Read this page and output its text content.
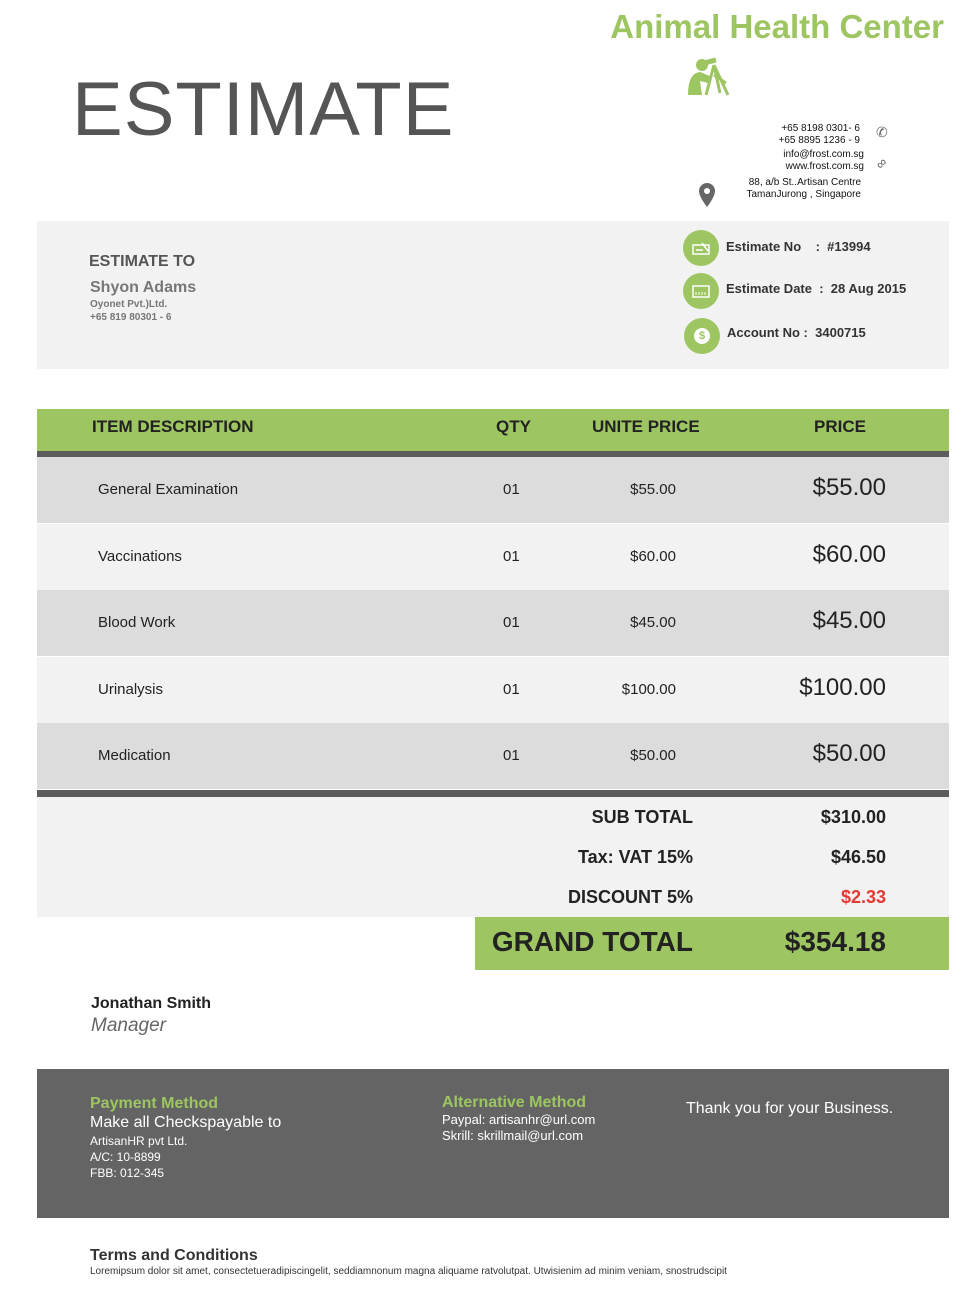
Animal Health Center
ESTIMATE	+65 8198 0301- 6
+65 8895 1236 - 9
✆
info@frost.com.sg
www.frost.com.sg ∞
88, a/b St..Artisan Centre
TamanJurong , Singapore
ESTIMATE TO
Shyon Adams
Oyonet Pvt.)Ltd.
+65 819 80301 - 6
Estimate No : #13994
Estimate Date : 28 Aug 2015
$	Account No : 3400715
ITEM DESCRIPTION	QTY	UNITE PRICE	PRICE
General Examination	01	$55.00	$55.00
Vaccinations	01	$60.00	$60.00
Blood Work	01	$45.00	$45.00
Urinalysis	01	$100.00	$100.00
Medication	01	$50.00	$50.00
SUB TOTAL	$310.00
Tax: VAT 15%	$46.50
DISCOUNT 5%	$2.33
GRAND TOTAL	$354.18
Jonathan Smith
Manager
Payment Method
Make all Checkspayable to
ArtisanHR pvt Ltd.
A/C: 10-8899
FBB: 012-345
Alternative Method
Paypal: artisanhr@url.com
Skrill: skrillmail@url.com
Thank you for your Business.
Terms and Conditions
Loremipsum dolor sit amet, consectetueradipiscingelit, seddiamnonum magna aliquame ratvolutpat. Utwisienim ad minim veniam, snostrudscipit
